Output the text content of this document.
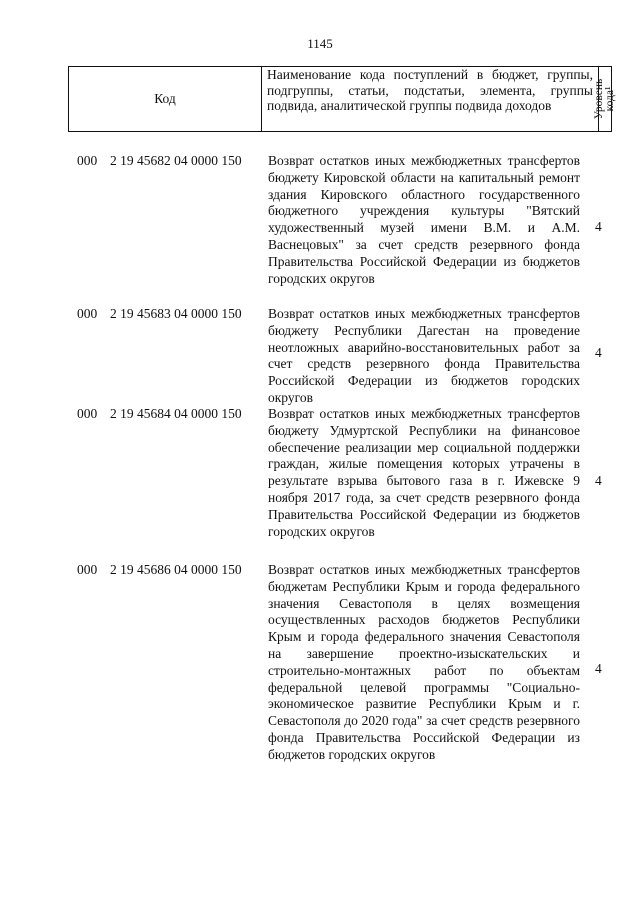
1145
Код
Наименование кода поступлений в бюджет, группы, подгруппы, статьи, подстатьи, элемента, группы подвида, аналитической группы подвида доходов	Уровень кода¹
000 2 19 45682 04 0000 150 Возврат остатков иных межбюджетных трансфертов бюджету Кировской области на капитальный ремонт здания Кировского областного государственного бюджетного учреждения культуры "Вятский художественный музей имени В.М. и А.М. Васнецовых" за счет средств резервного фонда Правительства Российской Федерации из бюджетов городских округов
4
000 2 19 45683 04 0000 150 Возврат остатков иных межбюджетных трансфертов бюджету Республики Дагестан на проведение неотложных аварийно-восстановительных работ за счет средств резервного фонда Правительства Российской Федерации из бюджетов городских округов
4
000 2 19 45684 04 0000 150 Возврат остатков иных межбюджетных трансфертов бюджету Удмуртской Республики на финансовое обеспечение реализации мер социальной поддержки граждан, жилые помещения которых утрачены в результате взрыва бытового газа в г. Ижевске 9 ноября 2017 года, за счет средств резервного фонда Правительства Российской Федерации из бюджетов городских округов
4
000 2 19 45686 04 0000 150 Возврат остатков иных межбюджетных трансфертов бюджетам Республики Крым и города федерального значения Севастополя в целях возмещения осуществленных расходов бюджетов Республики Крым и города федерального значения Севастополя на завершение проектно-изыскательских и строительно-монтажных работ по объектам федеральной целевой программы "Социально-экономическое развитие Республики Крым и г. Севастополя до 2020 года" за счет средств резервного фонда Правительства Российской Федерации из бюджетов городских округов
4
